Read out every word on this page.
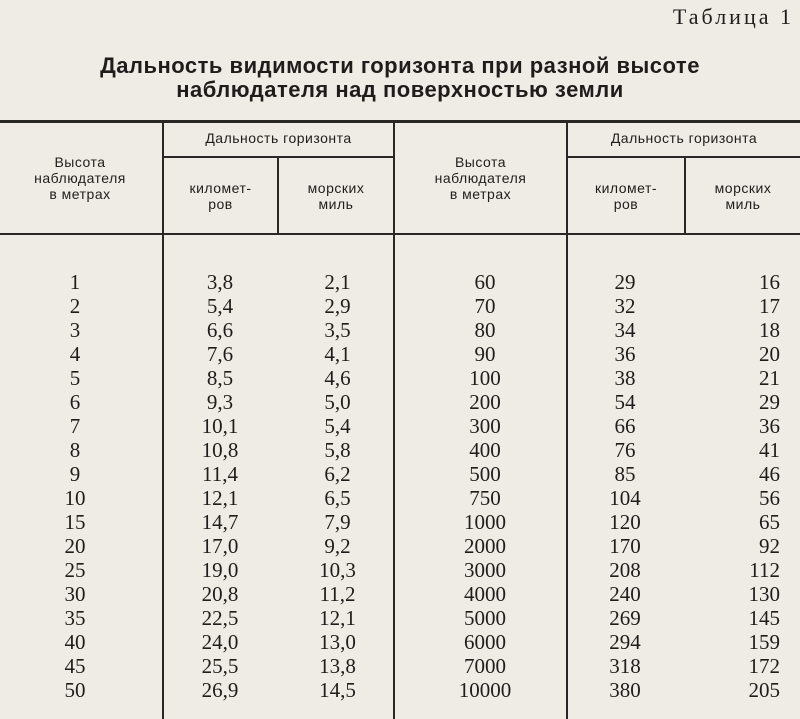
Таблица 1
Дальность видимости горизонта при разной высоте
наблюдателя над поверхностью земли
Высота
наблюдателя
в метрах
Дальность горизонта
километ-
ров
морских
миль
Высота
наблюдателя
в метрах
Дальность горизонта
километ-
ров
морских
миль
1
2
3
4
5
6
7
8
9
10
15
20
25
30
35
40
45
50
3,8
5,4
6,6
7,6
8,5
9,3
10,1
10,8
11,4
12,1
14,7
17,0
19,0
20,8
22,5
24,0
25,5
26,9
2,1
2,9
3,5
4,1
4,6
5,0
5,4
5,8
6,2
6,5
7,9
9,2
10,3
11,2
12,1
13,0
13,8
14,5
60
70
80
90
100
200
300
400
500
750
1000
2000
3000
4000
5000
6000
7000
10000
29
32
34
36
38
54
66
76
85
104
120
170
208
240
269
294
318
380
16
17
18
20
21
29
36
41
46
56
65
92
112
130
145
159
172
205
